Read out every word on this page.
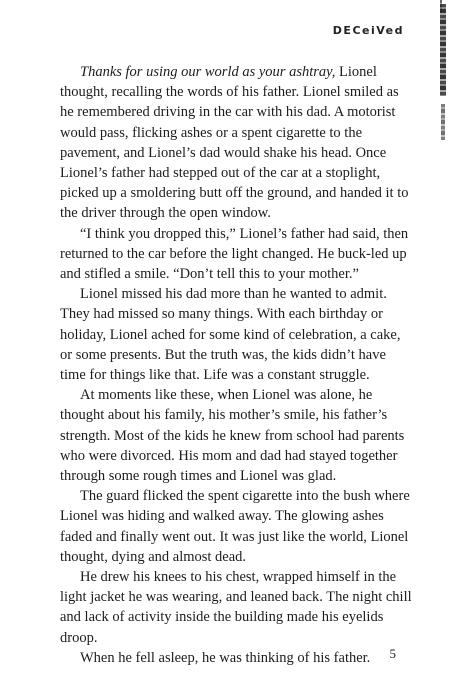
DECeiVed

Thanks for using our world as your ashtray, Lionel thought, recalling the words of his father. Lionel smiled as he remembered driving in the car with his dad. A motorist would pass, flicking ashes or a spent cigarette to the pavement, and Lionel’s dad would shake his head. Once Lionel’s father had stepped out of the car at a stoplight, picked up a smoldering butt off the ground, and handed it to the driver through the open window.

“I think you dropped this,” Lionel’s father had said, then returned to the car before the light changed. He buck-led up and stifled a smile. “Don’t tell this to your mother.”

Lionel missed his dad more than he wanted to admit. They had missed so many things. With each birthday or holiday, Lionel ached for some kind of celebration, a cake, or some presents. But the truth was, the kids didn’t have time for things like that. Life was a constant struggle.

At moments like these, when Lionel was alone, he thought about his family, his mother’s smile, his father’s strength. Most of the kids he knew from school had parents who were divorced. His mom and dad had stayed together through some rough times and Lionel was glad.

The guard flicked the spent cigarette into the bush where Lionel was hiding and walked away. The glowing ashes faded and finally went out. It was just like the world, Lionel thought, dying and almost dead.

He drew his knees to his chest, wrapped himself in the light jacket he was wearing, and leaned back. The night chill and lack of activity inside the building made his eyelids droop.

When he fell asleep, he was thinking of his father.	5
